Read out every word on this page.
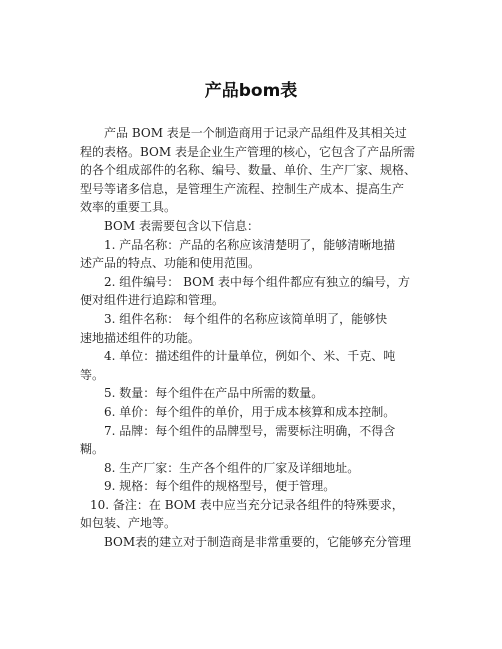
产品bom表
产品 BOM 表是一个制造商用于记录产品组件及其相关过
程的表格。BOM 表是企业生产管理的核心，它包含了产品所需
的各个组成部件的名称、编号、数量、单价、生产厂家、规格、
型号等诸多信息，是管理生产流程、控制生产成本、提高生产
效率的重要工具。
BOM 表需要包含以下信息：
1. 产品名称：产品的名称应该清楚明了，能够清晰地描
述产品的特点、功能和使用范围。
2. 组件编号： BOM 表中每个组件都应有独立的编号，方
便对组件进行追踪和管理。
3. 组件名称： 每个组件的名称应该简单明了，能够快
速地描述组件的功能。
4. 单位：描述组件的计量单位，例如个、米、千克、吨
等。
5. 数量：每个组件在产品中所需的数量。
6. 单价：每个组件的单价，用于成本核算和成本控制。
7. 品牌：每个组件的品牌型号，需要标注明确，不得含
糊。
8. 生产厂家：生产各个组件的厂家及详细地址。
9. 规格：每个组件的规格型号，便于管理。
10. 备注：在 BOM 表中应当充分记录各组件的特殊要求，
如包装、产地等。
BOM表的建立对于制造商是非常重要的，它能够充分管理
